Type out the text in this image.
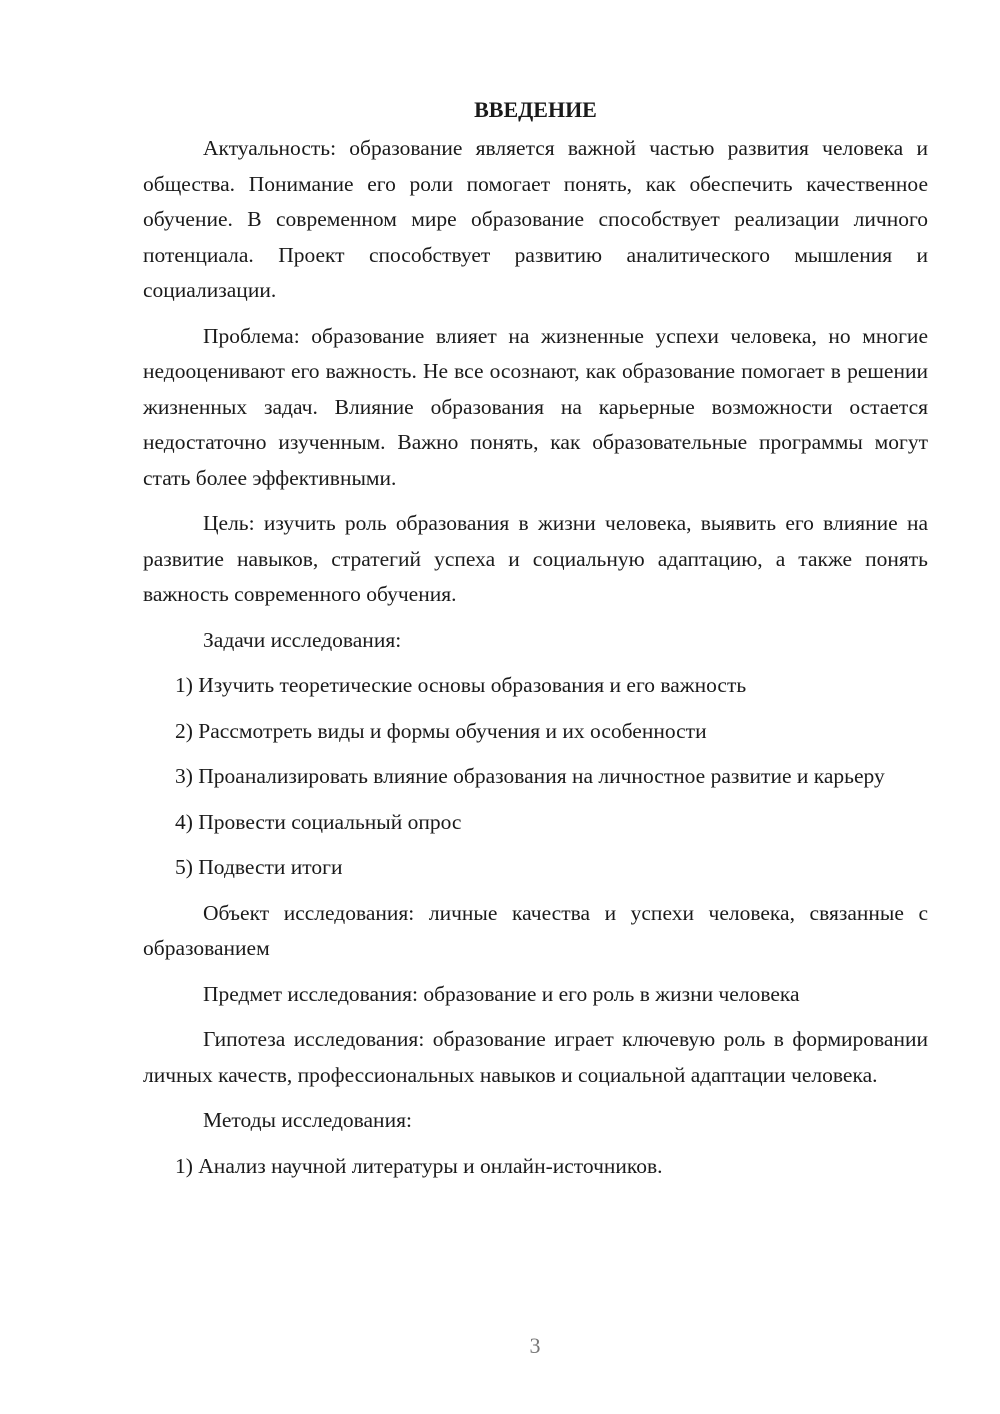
ВВЕДЕНИЕ

Актуальность: образование является важной частью развития человека и общества. Понимание его роли помогает понять, как обеспечить качественное обучение. В современном мире образование способствует реализации личного потенциала. Проект способствует развитию аналитического мышления и социализации.

Проблема: образование влияет на жизненные успехи человека, но многие недооценивают его важность. Не все осознают, как образование помогает в решении жизненных задач. Влияние образования на карьерные возможности остается недостаточно изученным. Важно понять, как образовательные программы могут стать более эффективными.

Цель: изучить роль образования в жизни человека, выявить его влияние на развитие навыков, стратегий успеха и социальную адаптацию, а также понять важность современного обучения.

Задачи исследования:

1) Изучить теоретические основы образования и его важность

2) Рассмотреть виды и формы обучения и их особенности

3) Проанализировать влияние образования на личностное развитие и карьеру

4) Провести социальный опрос

5) Подвести итоги

Объект исследования: личные качества и успехи человека, связанные с образованием

Предмет исследования: образование и его роль в жизни человека

Гипотеза исследования: образование играет ключевую роль в формировании личных качеств, профессиональных навыков и социальной адаптации человека.

Методы исследования:

1) Анализ научной литературы и онлайн-источников.

3
